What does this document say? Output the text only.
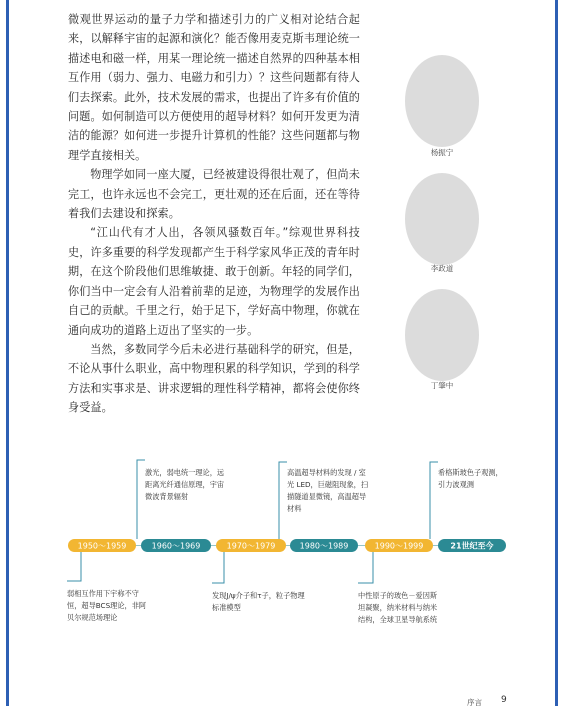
微观世界运动的量子力学和描述引力的广义相对论结合起来，以解释宇宙的起源和演化？能否像用麦克斯韦理论统一描述电和磁一样，用某一理论统一描述自然界的四种基本相互作用（弱力、强力、电磁力和引力）？这些问题都有待人们去探索。此外，技术发展的需求，也提出了许多有价值的问题。如何制造可以方便使用的超导材料？如何开发更为清洁的能源？如何进一步提升计算机的性能？这些问题都与物理学直接相关。

物理学如同一座大厦，已经被建设得很壮观了，但尚未完工，也许永远也不会完工，更壮观的还在后面，还在等待着我们去建设和探索。

“江山代有才人出，各领风骚数百年。”综观世界科技史，许多重要的科学发现都产生于科学家风华正茂的青年时期，在这个阶段他们思维敏捷、敢于创新。年轻的同学们，你们当中一定会有人沿着前辈的足迹，为物理学的发展作出自己的贡献。千里之行，始于足下，学好高中物理，你就在通向成功的道路上迈出了坚实的一步。

当然，多数同学今后未必进行基础科学的研究，但是，不论从事什么职业，高中物理积累的科学知识，学到的科学方法和实事求是、讲求逻辑的理性科学精神，都将会使你终身受益。

杨振宁
李政道
丁肇中
1950～1959	1960～1969	1970～1979	1980～1989	1990～1999	21世纪至今
激光，弱电统一理论，远距离光纤通信原理，宇宙微波背景辐射
高温超导材料的发现 / 室光 LED，巨磁阻现象，扫描隧道显微镜，高温超导材料
希格斯玻色子观测，引力波观测
弱相互作用下宇称不守恒，超导BCS理论，非阿贝尔规范场理论
发现J/ψ介子和τ子，粒子物理标准模型
中性原子的玻色－爱因斯坦凝聚，纳米材料与纳米结构，全球卫星导航系统
序言 9
